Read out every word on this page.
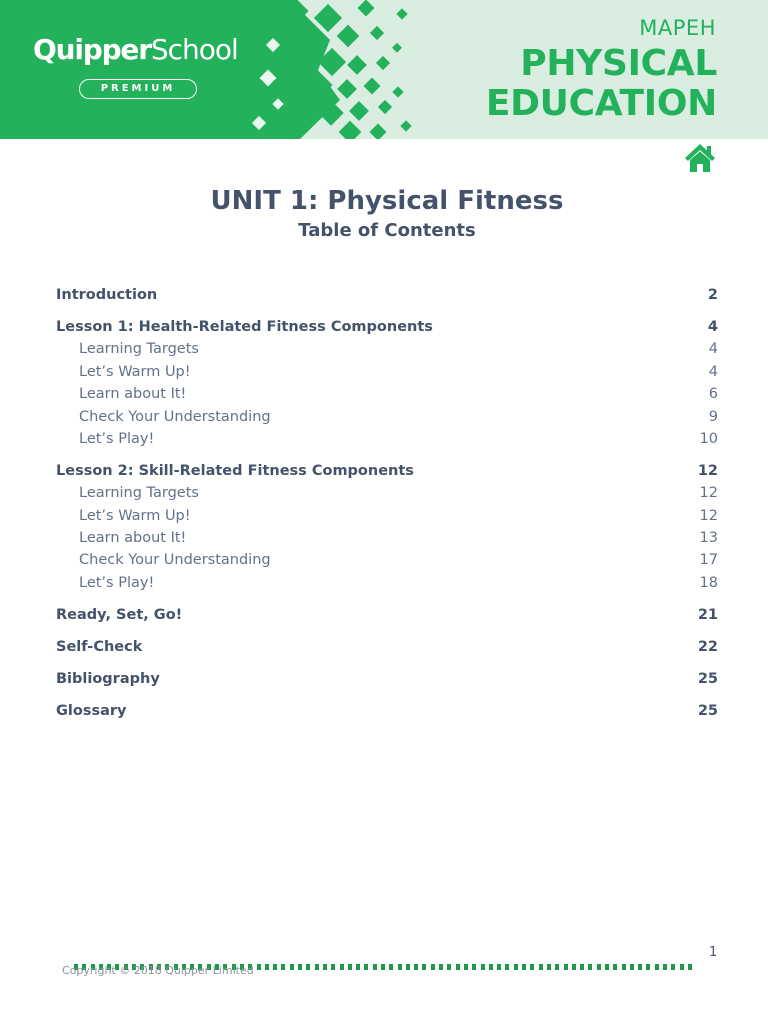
QuipperSchool
PREMIUM
MAPEH
PHYSICAL
EDUCATION
UNIT 1: Physical Fitness
Table of Contents
Introduction	2
Lesson 1: Health-Related Fitness Components	4
Learning Targets	4
Let’s Warm Up!	4
Learn about It!	6
Check Your Understanding	9
Let’s Play!	10
Lesson 2: Skill-Related Fitness Components	12
Learning Targets	12
Let’s Warm Up!	12
Learn about It!	13
Check Your Understanding	17
Let’s Play!	18
Ready, Set, Go!	21
Self-Check	22
Bibliography	25
Glossary	25
1
Copyright © 2018 Quipper Limited
